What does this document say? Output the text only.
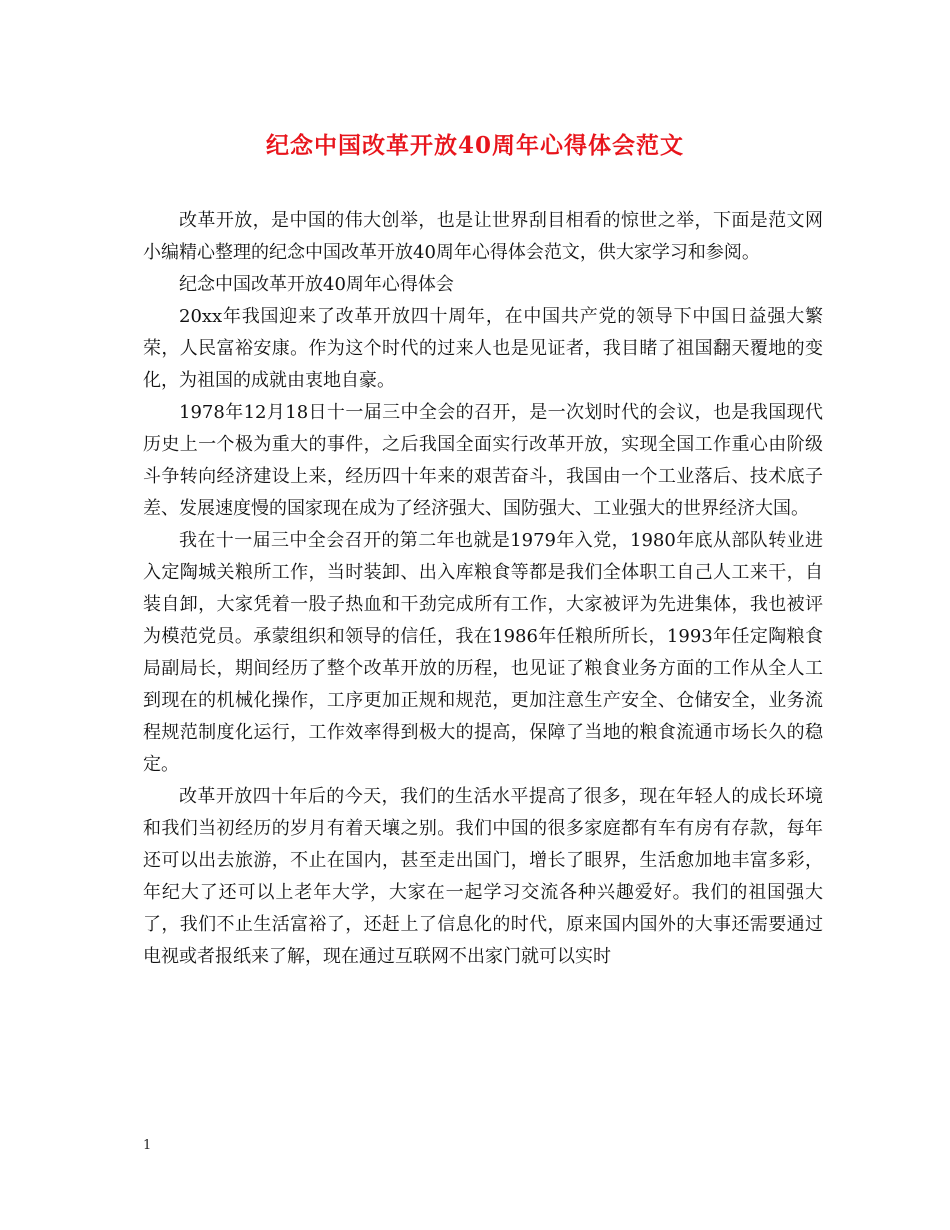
纪念中国改革开放40周年心得体会范文

改革开放，是中国的伟大创举，也是让世界刮目相看的惊世之举，下面是范文网小编精心整理的纪念中国改革开放40周年心得体会范文，供大家学习和参阅。

纪念中国改革开放40周年心得体会

20xx年我国迎来了改革开放四十周年，在中国共产党的领导下中国日益强大繁荣，人民富裕安康。作为这个时代的过来人也是见证者，我目睹了祖国翻天覆地的变化，为祖国的成就由衷地自豪。

1978年12月18日十一届三中全会的召开，是一次划时代的会议，也是我国现代历史上一个极为重大的事件，之后我国全面实行改革开放，实现全国工作重心由阶级斗争转向经济建设上来，经历四十年来的艰苦奋斗，我国由一个工业落后、技术底子差、发展速度慢的国家现在成为了经济强大、国防强大、工业强大的世界经济大国。

我在十一届三中全会召开的第二年也就是1979年入党，1980年底从部队转业进入定陶城关粮所工作，当时装卸、出入库粮食等都是我们全体职工自己人工来干，自装自卸，大家凭着一股子热血和干劲完成所有工作，大家被评为先进集体，我也被评为模范党员。承蒙组织和领导的信任，我在1986年任粮所所长，1993年任定陶粮食局副局长，期间经历了整个改革开放的历程，也见证了粮食业务方面的工作从全人工到现在的机械化操作，工序更加正规和规范，更加注意生产安全、仓储安全，业务流程规范制度化运行，工作效率得到极大的提高，保障了当地的粮食流通市场长久的稳定。

改革开放四十年后的今天，我们的生活水平提高了很多，现在年轻人的成长环境和我们当初经历的岁月有着天壤之别。我们中国的很多家庭都有车有房有存款，每年还可以出去旅游，不止在国内，甚至走出国门，增长了眼界，生活愈加地丰富多彩，年纪大了还可以上老年大学，大家在一起学习交流各种兴趣爱好。我们的祖国强大了，我们不止生活富裕了，还赶上了信息化的时代，原来国内国外的大事还需要通过电视或者报纸来了解，现在通过互联网不出家门就可以实时

1
